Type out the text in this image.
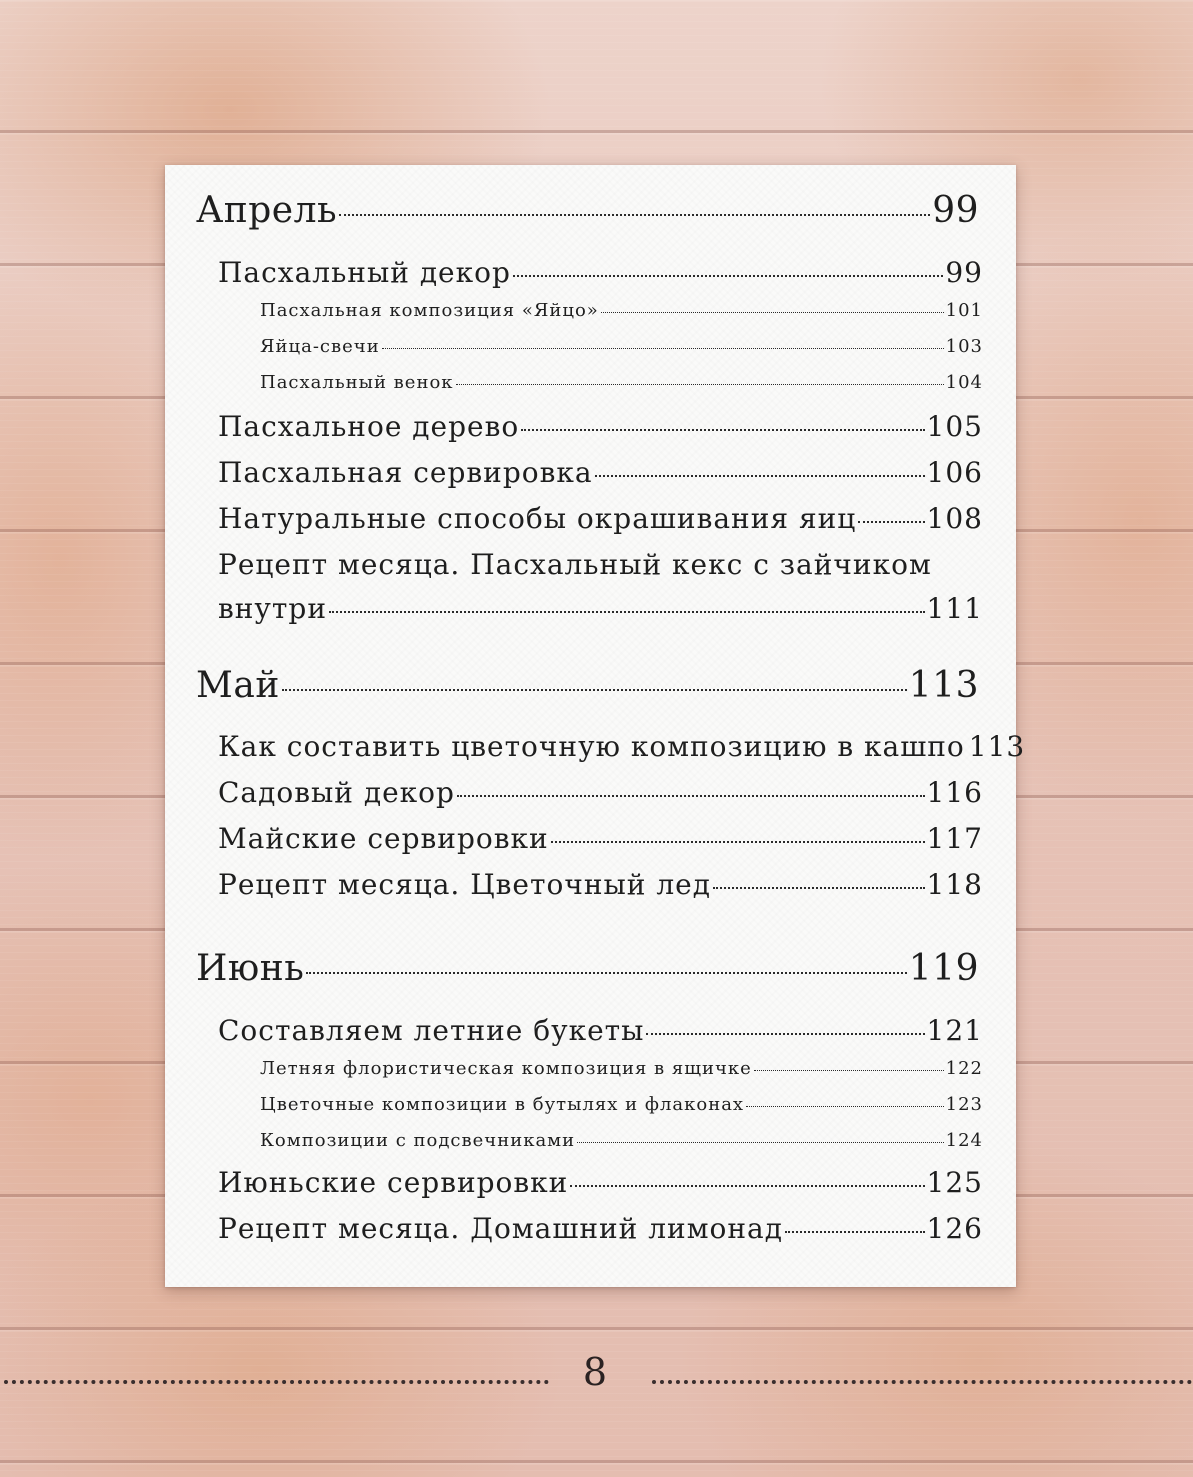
Апрель	99
Пасхальный декор	99
Пасхальная композиция «Яйцо»	101
Яйца-свечи	103
Пасхальный венок	104
Пасхальное дерево	105
Пасхальная сервировка	106
Натуральные способы окрашивания яиц	108
Рецепт месяца. Пасхальный кекс с зайчиком
внутри	111
Май	113
Как составить цветочную композицию в кашпо 113
Садовый декор	116
Майские сервировки	117
Рецепт месяца. Цветочный лед	118
Июнь	119
Составляем летние букеты	121
Летняя флористическая композиция в ящичке	122
Цветочные композиции в бутылях и флаконах	123
Композиции с подсвечниками	124
Июньские сервировки	125
Рецепт месяца. Домашний лимонад	126
8
